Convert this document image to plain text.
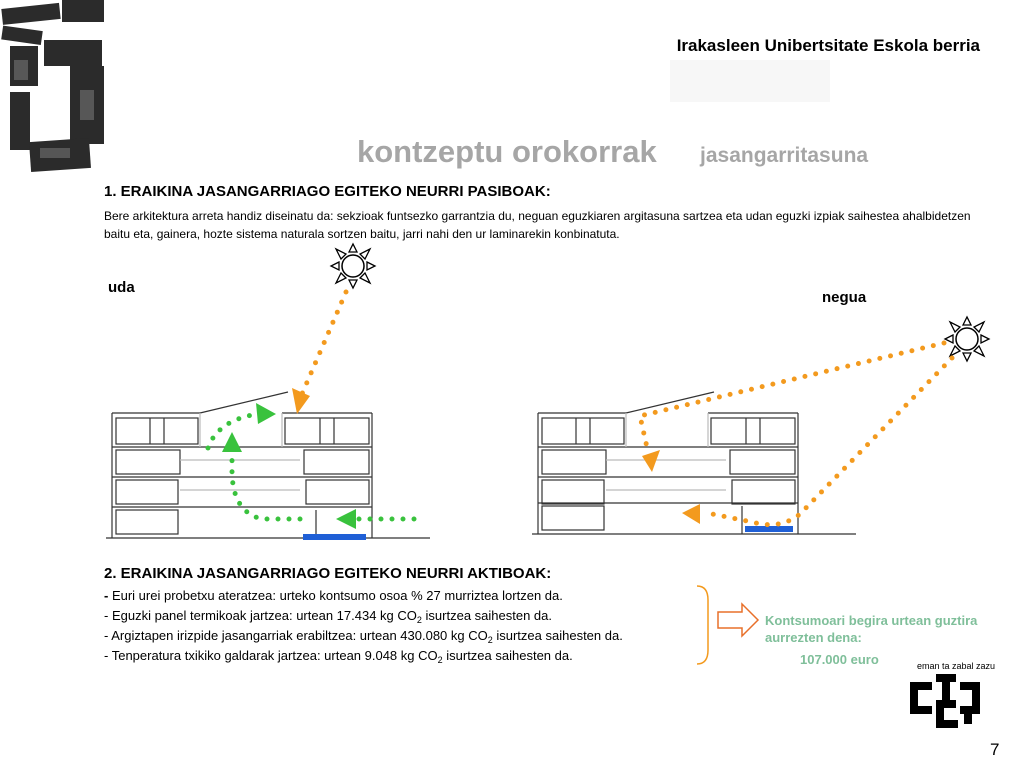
Irakasleen Unibertsitate Eskola berria
kontzeptu orokorrak jasangarritasuna
1. ERAIKINA JASANGARRIAGO EGITEKO NEURRI PASIBOAK:
Bere arkitektura arreta handiz diseinatu da: sekzioak funtsezko garrantzia du, neguan eguzkiaren argitasuna sartzea eta udan eguzki izpiak saihestea ahalbidetzen baitu eta, gainera, hozte sistema naturala sortzen baitu, jarri nahi den ur laminarekin konbinatuta.
uda
negua
2. ERAIKINA JASANGARRIAGO EGITEKO NEURRI AKTIBOAK:
- Euri urei probetxu ateratzea: urteko kontsumo osoa % 27 murriztea lortzen da.
- Eguzki panel termikoak jartzea: urtean 17.434 kg $CO_2$ isurtzea saihesten da.
- Argiztapen irizpide jasangarriak erabiltzea: urtean 430.080 kg $CO_2$ isurtzea saihesten da.
- Tenperatura txikiko galdarak jartzea: urtean 9.048 kg $CO_2$ isurtzea saihesten da.
Kontsumoari begira urtean guztira aurrezten dena:
107.000 euro	eman ta zabal zazu
7
